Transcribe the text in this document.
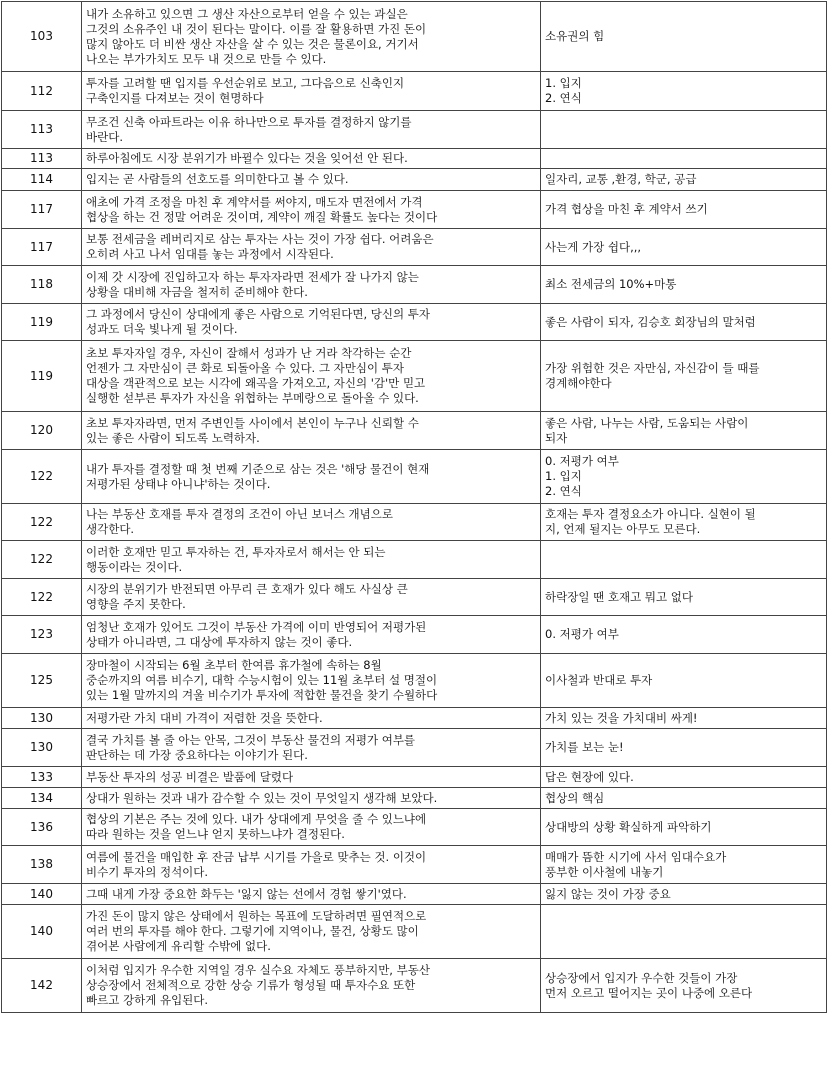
103	내가 소유하고 있으면 그 생산 자산으로부터 얻을 수 있는 과실은
그것의 소유주인 내 것이 된다는 말이다. 이를 잘 활용하면 가진 돈이
많지 않아도 더 비싼 생산 자산을 살 수 있는 것은 물론이요, 거기서
나오는 부가가치도 모두 내 것으로 만들 수 있다.	소유권의 힘
112	투자를 고려할 땐 입지를 우선순위로 보고, 그다음으로 신축인지
구축인지를 다져보는 것이 현명하다	1. 입지
2. 연식
113	무조건 신축 아파트라는 이유 하나만으로 투자를 결정하지 않기를
바란다.	
113	하루아침에도 시장 분위기가 바뀔수 있다는 것을 잊어선 안 된다.	
114	입지는 곧 사람들의 선호도를 의미한다고 볼 수 있다.	일자리, 교통 ,환경, 학군, 공급
117	애초에 가격 조정을 마친 후 계약서를 써야지, 매도자 면전에서 가격
협상을 하는 건 정말 어려운 것이며, 계약이 깨질 확률도 높다는 것이다	가격 협상을 마친 후 계약서 쓰기
117	보통 전세금을 레버리지로 삼는 투자는 사는 것이 가장 쉽다. 어려움은
오히려 사고 나서 임대를 놓는 과정에서 시작된다.	사는게 가장 쉽다,,,
118	이제 갓 시장에 진입하고자 하는 투자자라면 전세가 잘 나가지 않는
상황을 대비해 자금을 철저히 준비해야 한다.	최소 전세금의 10%+마통
119	그 과정에서 당신이 상대에게 좋은 사람으로 기억된다면, 당신의 투자
성과도 더욱 빛나게 될 것이다.	좋은 사람이 되자, 김승호 회장님의 말처럼
119	초보 투자자일 경우, 자신이 잘해서 성과가 난 거라 착각하는 순간
언젠가 그 자만심이 큰 화로 되돌아올 수 있다. 그 자만심이 투자
대상을 객관적으로 보는 시각에 왜곡을 가져오고, 자신의 '감'만 믿고
실행한 섣부른 투자가 자신을 위협하는 부메랑으로 돌아올 수 있다.	가장 위험한 것은 자만심, 자신감이 들 때를
경계해야한다
120	초보 투자자라면, 먼저 주변인들 사이에서 본인이 누구나 신뢰할 수
있는 좋은 사람이 되도록 노력하자.	좋은 사람, 나누는 사람, 도움되는 사람이
되자
122	내가 투자를 결정할 때 첫 번째 기준으로 삼는 것은 '해당 물건이 현재
저평가된 상태냐 아니냐'하는 것이다.	0. 저평가 여부
1. 입지
2. 연식
122	나는 부동산 호재를 투자 결정의 조건이 아닌 보너스 개념으로
생각한다.	호재는 투자 결정요소가 아니다. 실현이 될
지, 언제 될지는 아무도 모른다.
122	이러한 호재만 믿고 투자하는 건, 투자자로서 해서는 안 되는
행동이라는 것이다.	
122	시장의 분위기가 반전되면 아무리 큰 호재가 있다 해도 사실상 큰
영향을 주지 못한다.	하락장일 땐 호재고 뭐고 없다
123	엄청난 호재가 있어도 그것이 부동산 가격에 이미 반영되어 저평가된
상태가 아니라면, 그 대상에 투자하지 않는 것이 좋다.	0. 저평가 여부
125	장마철이 시작되는 6월 초부터 한여름 휴가철에 속하는 8월
중순까지의 여름 비수기, 대학 수능시험이 있는 11월 초부터 설 명절이
있는 1월 말까지의 겨울 비수기가 투자에 적합한 물건을 찾기 수월하다	이사철과 반대로 투자
130	저평가란 가치 대비 가격이 저렴한 것을 뜻한다.	가치 있는 것을 가치대비 싸게!
130	결국 가치를 볼 줄 아는 안목, 그것이 부동산 물건의 저평가 여부를
판단하는 데 가장 중요하다는 이야기가 된다.	가치를 보는 눈!
133	부동산 투자의 성공 비결은 발품에 달렸다	답은 현장에 있다.
134	상대가 원하는 것과 내가 감수할 수 있는 것이 무엇일지 생각해 보았다.	협상의 핵심
136	협상의 기본은 주는 것에 있다. 내가 상대에게 무엇을 줄 수 있느냐에
따라 원하는 것을 얻느냐 얻지 못하느냐가 결정된다.	상대방의 상황 확실하게 파악하기
138	여름에 물건을 매입한 후 잔금 납부 시기를 가을로 맞추는 것. 이것이
비수기 투자의 정석이다.	매매가 뜸한 시기에 사서 임대수요가
풍부한 이사철에 내놓기
140	그때 내게 가장 중요한 화두는 '잃지 않는 선에서 경험 쌓기'였다.	잃지 않는 것이 가장 중요
140	가진 돈이 많지 않은 상태에서 원하는 목표에 도달하려면 필연적으로
여러 번의 투자를 해야 한다. 그렇기에 지역이나, 물건, 상황도 많이
겪어본 사람에게 유리할 수밖에 없다.	
142	이처럼 입지가 우수한 지역일 경우 실수요 자체도 풍부하지만, 부동산
상승장에서 전체적으로 강한 상승 기류가 형성될 때 투자수요 또한
빠르고 강하게 유입된다.	상승장에서 입지가 우수한 것들이 가장
먼저 오르고 떨어지는 곳이 나중에 오른다
